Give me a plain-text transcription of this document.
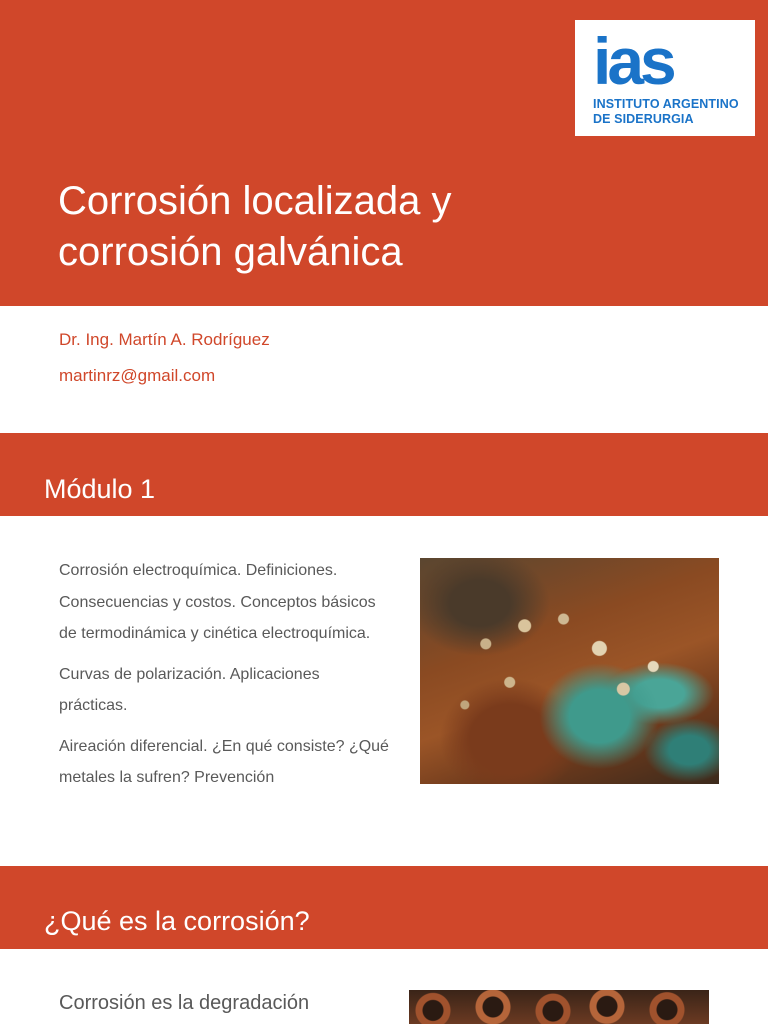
ias
INSTITUTO ARGENTINO
DE SIDERURGIA
Corrosión localizada y
corrosión galvánica

Dr. Ing. Martín A. Rodríguez

martinrz@gmail.com

Módulo 1

Corrosión electroquímica. Definiciones. Consecuencias y costos. Conceptos básicos de termodinámica y cinética electroquímica.

Curvas de polarización. Aplicaciones prácticas.

Aireación diferencial. ¿En qué consiste? ¿Qué metales la sufren? Prevención

¿Qué es la corrosión?

Corrosión es la degradación
